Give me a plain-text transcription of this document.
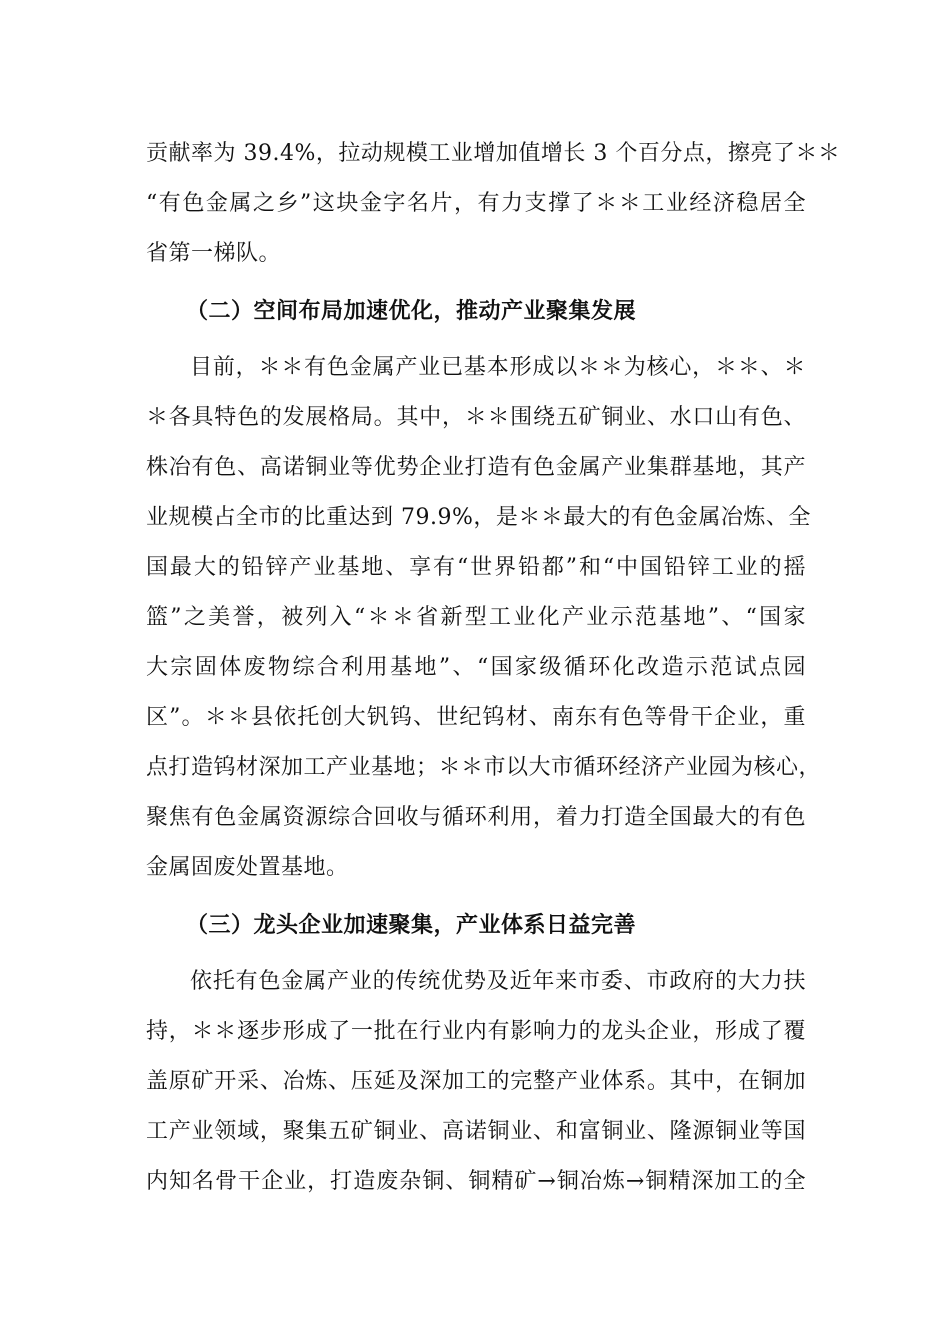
贡献率为 39.4%，拉动规模工业增加值增长 3 个百分点，擦亮了＊＊
“有色金属之乡”这块金字名片，有力支撑了＊＊工业经济稳居全
省第一梯队。
（二）空间布局加速优化，推动产业聚集发展
目前，＊＊有色金属产业已基本形成以＊＊为核心，＊＊、＊
＊各具特色的发展格局。其中，＊＊围绕五矿铜业、水口山有色、
株冶有色、高诺铜业等优势企业打造有色金属产业集群基地，其产
业规模占全市的比重达到 79.9%，是＊＊最大的有色金属冶炼、全
国最大的铅锌产业基地、享有“世界铅都”和“中国铅锌工业的摇
篮”之美誉，被列入“＊＊省新型工业化产业示范基地”、“国家
大宗固体废物综合利用基地”、“国家级循环化改造示范试点园
区”。＊＊县依托创大钒钨、世纪钨材、南东有色等骨干企业，重
点打造钨材深加工产业基地；＊＊市以大市循环经济产业园为核心，
聚焦有色金属资源综合回收与循环利用，着力打造全国最大的有色
金属固废处置基地。
（三）龙头企业加速聚集，产业体系日益完善
依托有色金属产业的传统优势及近年来市委、市政府的大力扶
持，＊＊逐步形成了一批在行业内有影响力的龙头企业，形成了覆
盖原矿开采、冶炼、压延及深加工的完整产业体系。其中，在铜加
工产业领域，聚集五矿铜业、高诺铜业、和富铜业、隆源铜业等国
内知名骨干企业，打造废杂铜、铜精矿→铜冶炼→铜精深加工的全
